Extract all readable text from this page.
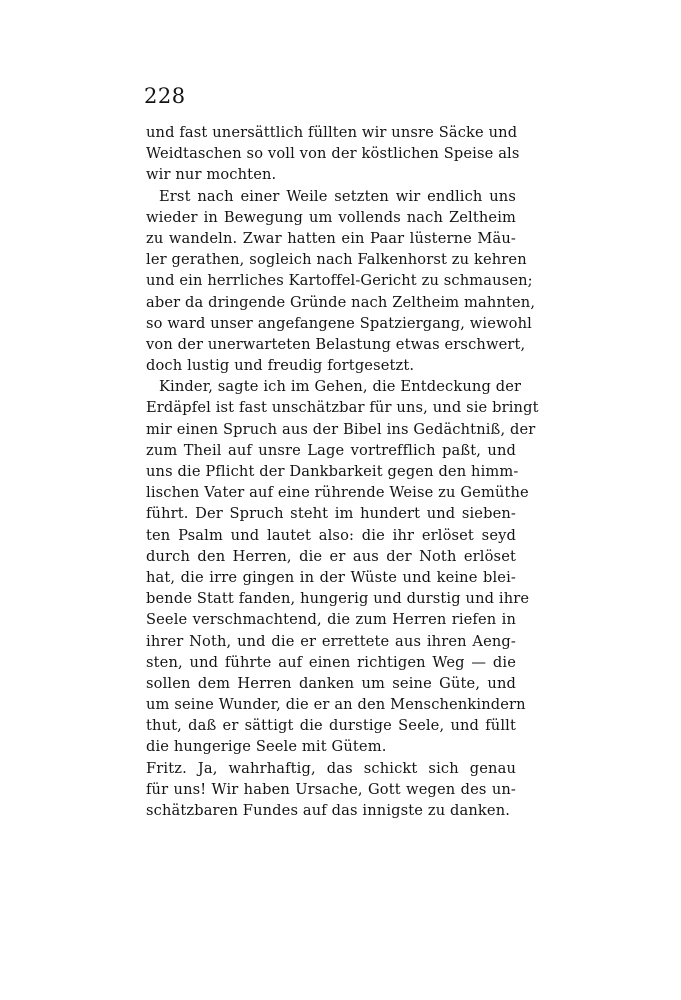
228
und fast unersättlich füllten wir unsre Säcke und
Weidtaschen so voll von der köstlichen Speise als
wir nur mochten.
Erst nach einer Weile setzten wir endlich uns
wieder in Bewegung um vollends nach Zeltheim
zu wandeln. Zwar hatten ein Paar lüsterne Mäu-
ler gerathen, sogleich nach Falkenhorst zu kehren
und ein herrliches Kartoffel-Gericht zu schmausen;
aber da dringende Gründe nach Zeltheim mahnten,
so ward unser angefangene Spatziergang, wiewohl
von der unerwarteten Belastung etwas erschwert,
doch lustig und freudig fortgesetzt.
Kinder, sagte ich im Gehen, die Entdeckung der
Erdäpfel ist fast unschätzbar für uns, und sie bringt
mir einen Spruch aus der Bibel ins Gedächtniß, der
zum Theil auf unsre Lage vortrefflich paßt, und
uns die Pflicht der Dankbarkeit gegen den himm-
lischen Vater auf eine rührende Weise zu Gemüthe
führt. Der Spruch steht im hundert und sieben-
ten Psalm und lautet also: die ihr erlöset seyd
durch den Herren, die er aus der Noth erlöset
hat, die irre gingen in der Wüste und keine blei-
bende Statt fanden, hungerig und durstig und ihre
Seele verschmachtend, die zum Herren riefen in
ihrer Noth, und die er errettete aus ihren Aeng-
sten, und führte auf einen richtigen Weg — die
sollen dem Herren danken um seine Güte, und
um seine Wunder, die er an den Menschenkindern
thut, daß er sättigt die durstige Seele, und füllt
die hungerige Seele mit Gütem.
Fritz. Ja, wahrhaftig, das schickt sich genau
für uns! Wir haben Ursache, Gott wegen des un-
schätzbaren Fundes auf das innigste zu danken.
